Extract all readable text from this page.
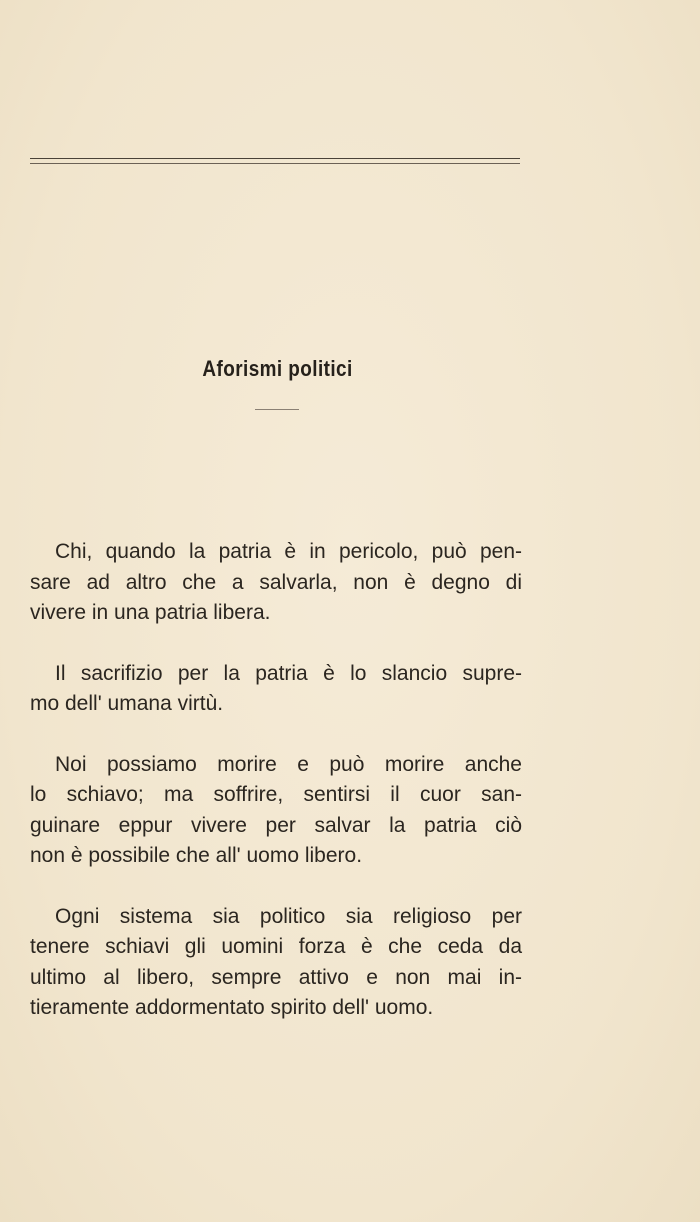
Aforismi politici
Chi, quando la patria è in pericolo, può pen-
sare ad altro che a salvarla, non è degno di
vivere in una patria libera.
Il sacrifizio per la patria è lo slancio supre-
mo dell' umana virtù.
Noi possiamo morire e può morire anche
lo schiavo; ma soffrire, sentirsi il cuor san-
guinare eppur vivere per salvar la patria ciò
non è possibile che all' uomo libero.
Ogni sistema sia politico sia religioso per
tenere schiavi gli uomini forza è che ceda da
ultimo al libero, sempre attivo e non mai in-
tieramente addormentato spirito dell' uomo.
